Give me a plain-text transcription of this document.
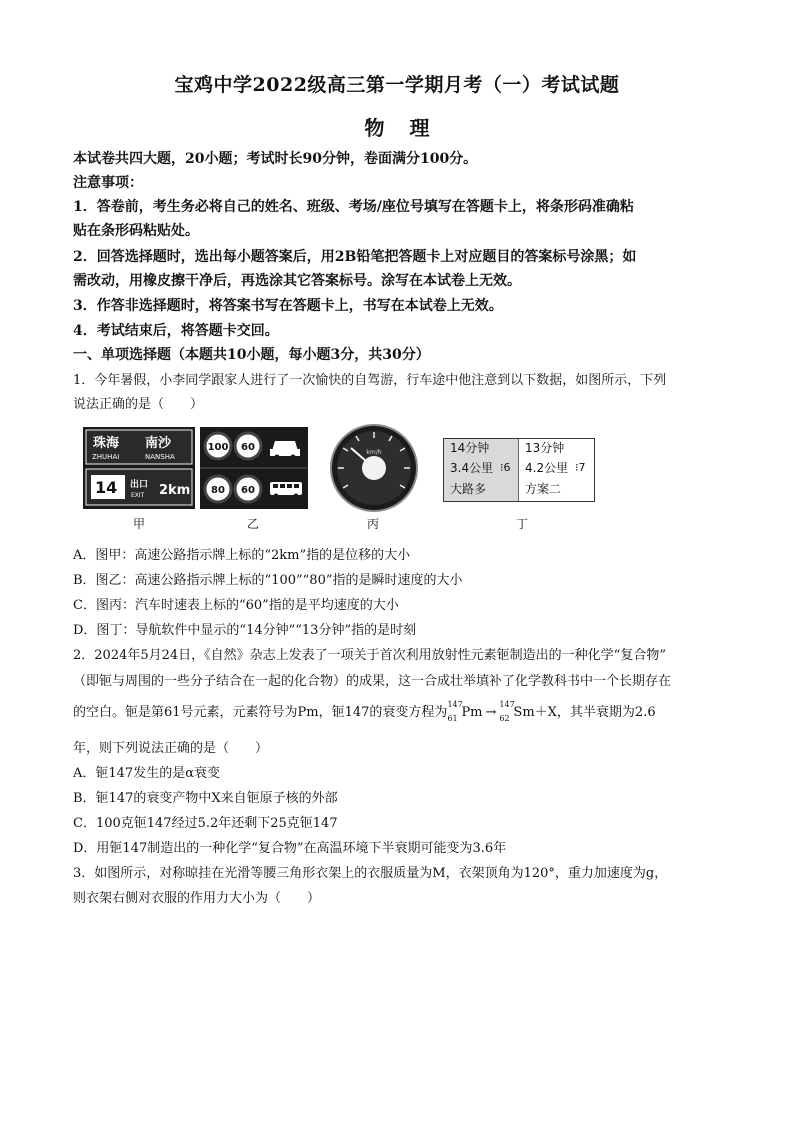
宝鸡中学2022级高三第一学期月考（一）考试试题
物 理
本试卷共四大题，20小题；考试时长90分钟，卷面满分100分。
注意事项：
1．答卷前，考生务必将自己的姓名、班级、考场/座位号填写在答题卡上，将条形码准确粘
贴在条形码粘贴处。
2．回答选择题时，选出每小题答案后，用2B铅笔把答题卡上对应题目的答案标号涂黑；如
需改动，用橡皮擦干净后，再选涂其它答案标号。涂写在本试卷上无效。
3．作答非选择题时，将答案书写在答题卡上，书写在本试卷上无效。
4．考试结束后，将答题卡交回。
一、单项选择题（本题共10小题，每小题3分，共30分）
1．今年暑假，小李同学跟家人进行了一次愉快的自驾游，行车途中他注意到以下数据，如图所示，下列
说法正确的是（　　）
珠海 南沙
ZHUHAI	NANSHA
14 出口
EXIT 2km
甲
100 60
80 60
乙
km/h
丙
14分钟
3.4公里 ⁝6
大路多
13分钟
4.2公里 ⁝7
方案二
丁
A．图甲：高速公路指示牌上标的“2km”指的是位移的大小
B．图乙：高速公路指示牌上标的“100”“80”指的是瞬时速度的大小
C．图丙：汽车时速表上标的“60”指的是平均速度的大小
D．图丁：导航软件中显示的“14分钟”“13分钟”指的是时刻
2．2024年5月24日，《自然》杂志上发表了一项关于首次利用放射性元素钷制造出的一种化学“复合物”
（即钷与周围的一些分子结合在一起的化合物）的成果，这一合成壮举填补了化学教科书中一个长期存在
的空白。钷是第61号元素，元素符号为Pm，钷147的衰变方程为
147
61 Pm →
147
62 Sm＋X，其半衰期为2.6
年，则下列说法正确的是（　　）
A．钷147发生的是α衰变
B．钷147的衰变产物中X来自钷原子核的外部
C．100克钷147经过5.2年还剩下25克钷147
D．用钷147制造出的一种化学“复合物”在高温环境下半衰期可能变为3.6年
3．如图所示，对称晾挂在光滑等腰三角形衣架上的衣服质量为M，衣架顶角为120°，重力加速度为g，
则衣架右侧对衣服的作用力大小为（　　）
